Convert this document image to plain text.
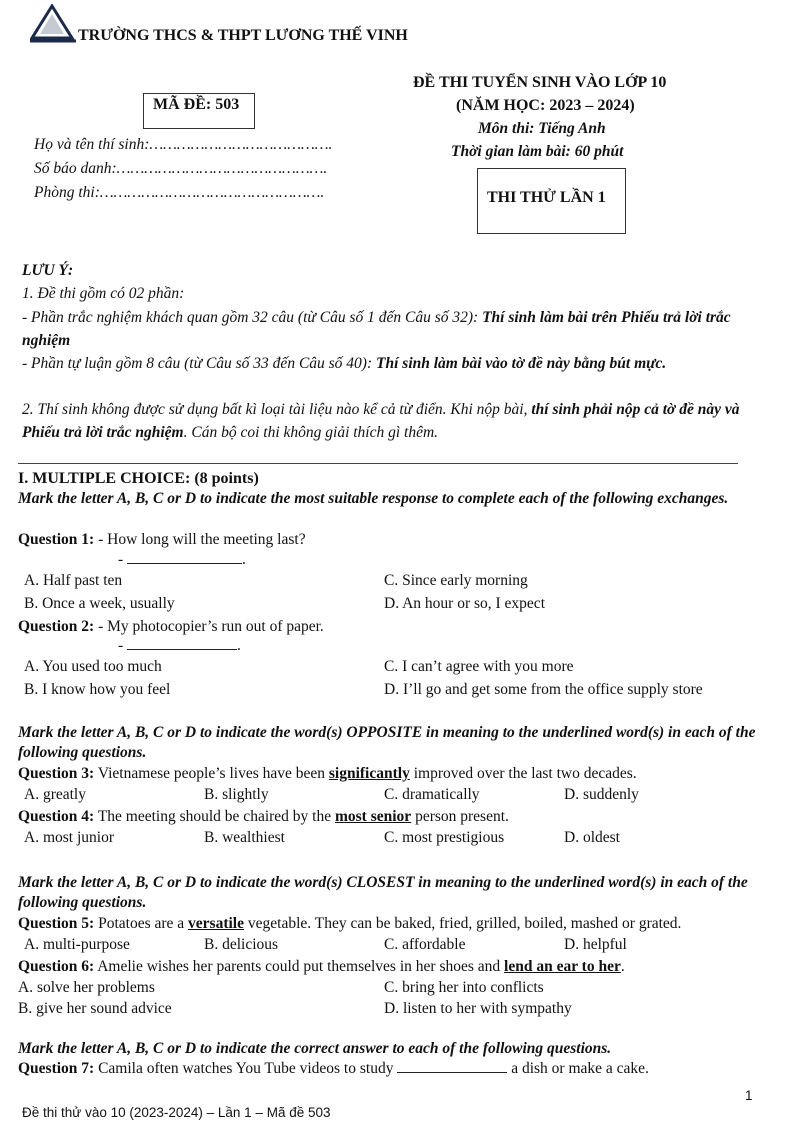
TRƯỜNG THCS & THPT LƯƠNG THẾ VINH
MÃ ĐỀ: 503
Họ và tên thí sinh:………………………………….
Số báo danh:……………………………………….
Phòng thi:………………………………………….
ĐỀ THI TUYỂN SINH VÀO LỚP 10
(NĂM HỌC: 2023 – 2024)
Môn thi: Tiếng Anh
Thời gian làm bài: 60 phút
THI THỬ LẦN 1
LƯU Ý:
1. Đề thi gồm có 02 phần:
- Phần trắc nghiệm khách quan gồm 32 câu (từ Câu số 1 đến Câu số 32): Thí sinh làm bài trên Phiếu trả lời trắc nghiệm
- Phần tự luận gồm 8 câu (từ Câu số 33 đến Câu số 40): Thí sinh làm bài vào tờ đề này bằng bút mực.
2. Thí sinh không được sử dụng bất kì loại tài liệu nào kể cả từ điển. Khi nộp bài, thí sinh phải nộp cả tờ đề này và Phiếu trả lời trắc nghiệm. Cán bộ coi thi không giải thích gì thêm.
I. MULTIPLE CHOICE: (8 points)
Mark the letter A, B, C or D to indicate the most suitable response to complete each of the following exchanges.
Question 1: - How long will the meeting last?
-	.
A. Half past ten	C. Since early morning
B. Once a week, usually	D. An hour or so, I expect
Question 2: - My photocopier’s run out of paper.
-	.
A. You used too much	C. I can’t agree with you more
B. I know how you feel	D. I’ll go and get some from the office supply store
Mark the letter A, B, C or D to indicate the word(s) OPPOSITE in meaning to the underlined word(s) in each of the following questions.
Question 3: Vietnamese people’s lives have been significantly improved over the last two decades.
A. greatly	B. slightly	C. dramatically	D. suddenly
Question 4: The meeting should be chaired by the most senior person present.
A. most junior	B. wealthiest	C. most prestigious	D. oldest
Mark the letter A, B, C or D to indicate the word(s) CLOSEST in meaning to the underlined word(s) in each of the following questions.
Question 5: Potatoes are a versatile vegetable. They can be baked, fried, grilled, boiled, mashed or grated.
A. multi-purpose	B. delicious	C. affordable	D. helpful
Question 6: Amelie wishes her parents could put themselves in her shoes and lend an ear to her.
A. solve her problems	C. bring her into conflicts
B. give her sound advice	D. listen to her with sympathy
Mark the letter A, B, C or D to indicate the correct answer to each of the following questions.
Question 7: Camila often watches You Tube videos to study	a dish or make a cake.
1
Đề thi thử vào 10 (2023-2024) – Lần 1 – Mã đề 503
